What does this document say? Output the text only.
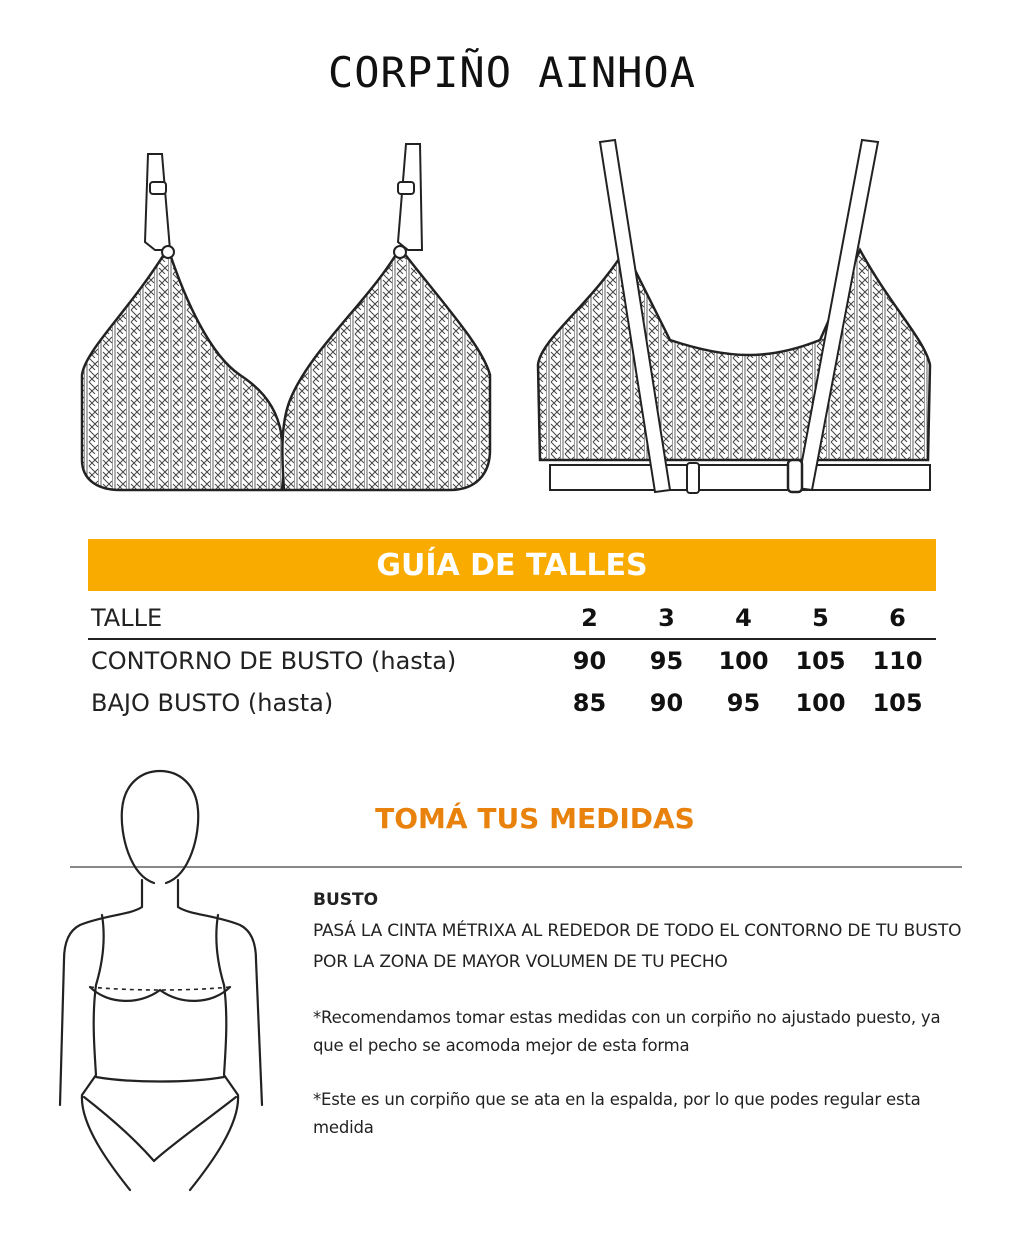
CORPIÑO AINHOA
GUÍA DE TALLES
TALLE	2	3	4	5	6
CONTORNO DE BUSTO (hasta)	90	95	100	105	110
BAJO BUSTO (hasta)	85	90	95	100	105
TOMÁ TUS MEDIDAS
BUSTO
PASÁ LA CINTA MÉTRIXA AL REDEDOR DE TODO EL CONTORNO DE TU BUSTO POR LA ZONA DE MAYOR VOLUMEN DE TU PECHO
*Recomendamos tomar estas medidas con un corpiño no ajustado puesto, ya que el pecho se acomoda mejor de esta forma
*Este es un corpiño que se ata en la espalda, por lo que podes regular esta medida
